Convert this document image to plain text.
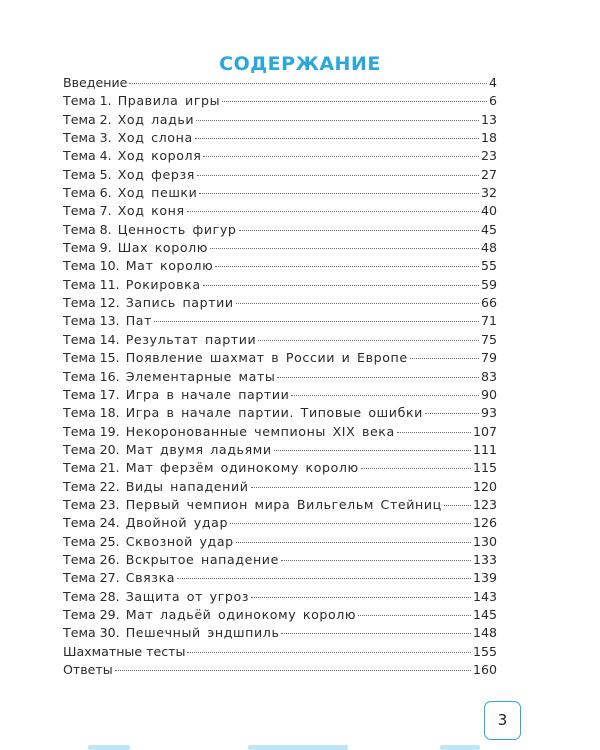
СОДЕРЖАНИЕ
Введение	4
Тема 1. Правила игры	6
Тема 2. Ход ладьи	13
Тема 3. Ход слона	18
Тема 4. Ход короля	23
Тема 5. Ход ферзя	27
Тема 6. Ход пешки	32
Тема 7. Ход коня	40
Тема 8. Ценность фигур	45
Тема 9. Шах королю	48
Тема 10. Мат королю	55
Тема 11. Рокировка	59
Тема 12. Запись партии	66
Тема 13. Пат	71
Тема 14. Результат партии	75
Тема 15. Появление шахмат в России и Европе	79
Тема 16. Элементарные маты	83
Тема 17. Игра в начале партии	90
Тема 18. Игра в начале партии. Типовые ошибки	93
Тема 19. Некоронованные чемпионы XIX века	107
Тема 20. Мат двумя ладьями	111
Тема 21. Мат ферзём одинокому королю	115
Тема 22. Виды нападений	120
Тема 23. Первый чемпион мира Вильгельм Стейниц 123
Тема 24. Двойной удар	126
Тема 25. Сквозной удар	130
Тема 26. Вскрытое нападение	133
Тема 27. Связка	139
Тема 28. Защита от угроз	143
Тема 29. Мат ладьёй одинокому королю	145
Тема 30. Пешечный эндшпиль	148
Шахматные тесты	155
Ответы	160
3
